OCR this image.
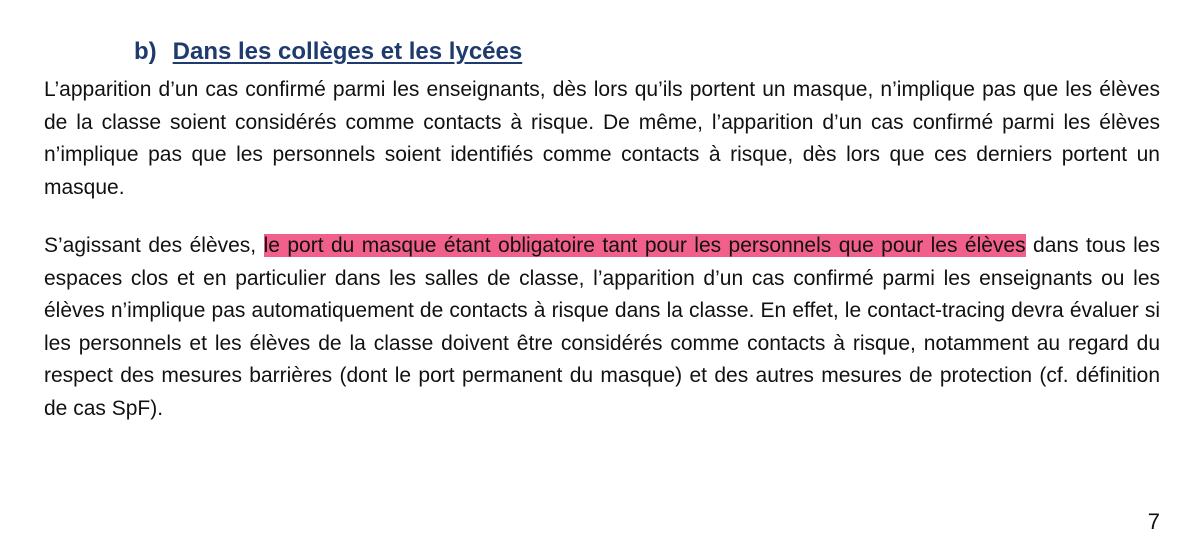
b) Dans les collèges et les lycées
L’apparition d’un cas confirmé parmi les enseignants, dès lors qu’ils portent un masque, n’implique pas que les élèves de la classe soient considérés comme contacts à risque. De même, l’apparition d’un cas confirmé parmi les élèves n’implique pas que les personnels soient identifiés comme contacts à risque, dès lors que ces derniers portent un masque.
S’agissant des élèves, le port du masque étant obligatoire tant pour les personnels que pour les élèves dans tous les espaces clos et en particulier dans les salles de classe, l’apparition d’un cas confirmé parmi les enseignants ou les élèves n’implique pas automatiquement de contacts à risque dans la classe. En effet, le contact-tracing devra évaluer si les personnels et les élèves de la classe doivent être considérés comme contacts à risque, notamment au regard du respect des mesures barrières (dont le port permanent du masque) et des autres mesures de protection (cf. définition de cas SpF).
7
